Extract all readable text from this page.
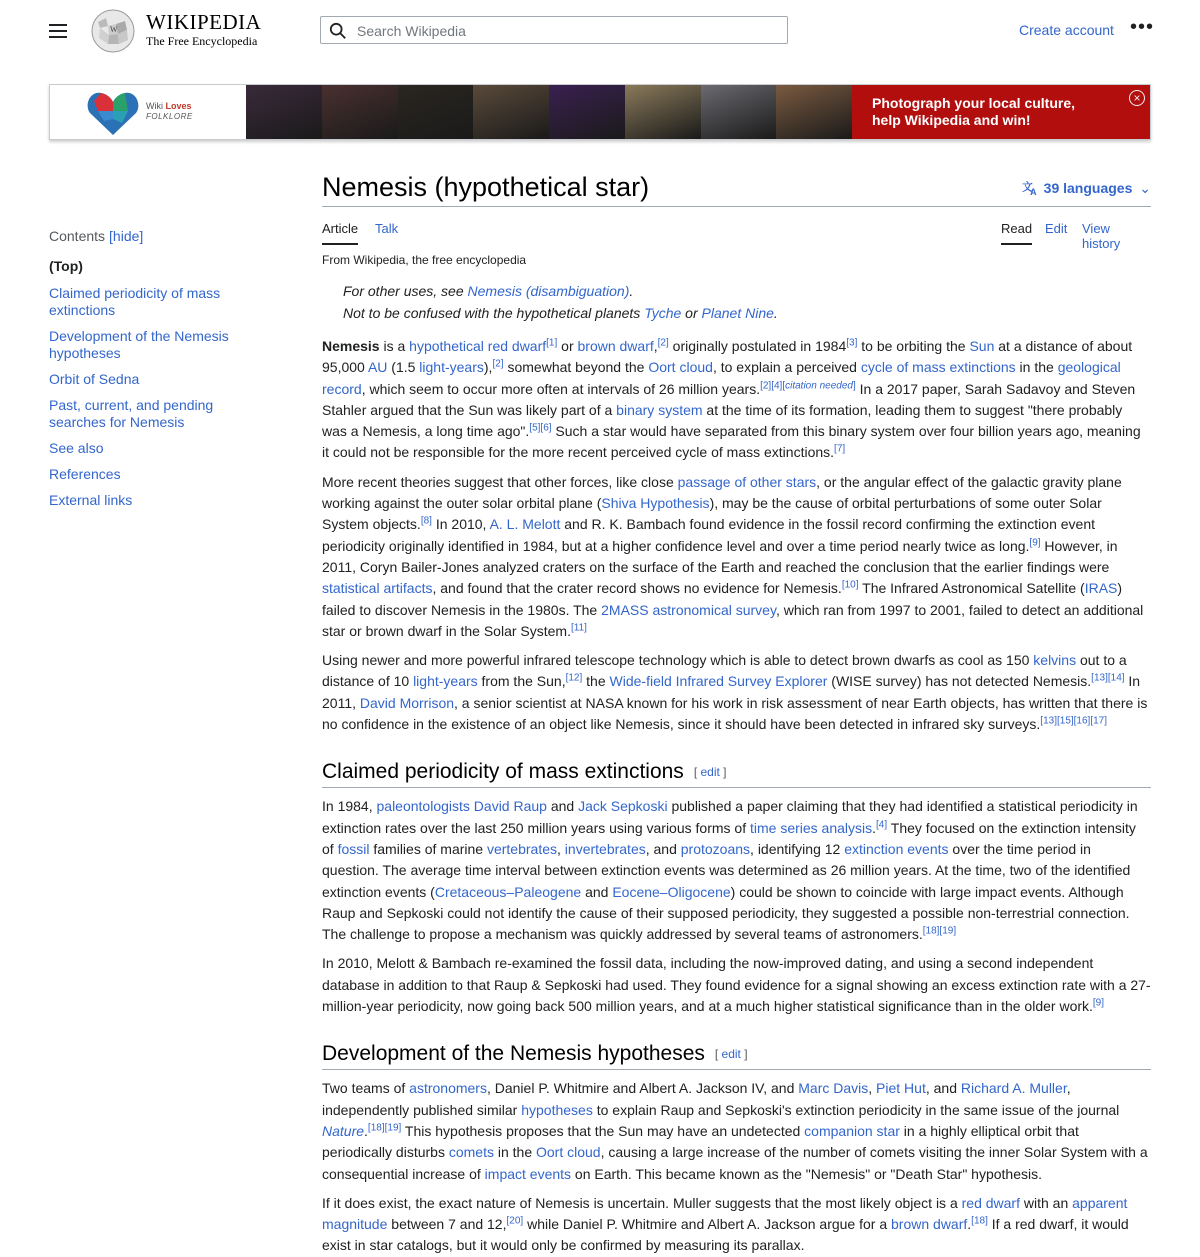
W WIKIPEDIA
The Free Encyclopedia
Search Wikipedia
Create account •••
Wiki Loves
FOLKLORE
Photograph your local culture,
help Wikipedia and win!
×
Contents [hide]
(Top)
Claimed periodicity of mass extinctions
Development of the Nemesis hypotheses
Orbit of Sedna
Past, current, and pending searches for Nemesis
See also
References
External links
Nemesis (hypothetical star)	文
A 39 languages ⌄
Article Talk	Read Edit View history
From Wikipedia, the free encyclopedia
For other uses, see Nemesis (disambiguation).
Not to be confused with the hypothetical planets Tyche or Planet Nine.

Nemesis is a hypothetical red dwarf[1] or brown dwarf,[2] originally postulated in 1984[3] to be orbiting the Sun at a distance of about 95,000 AU (1.5 light-years),[2] somewhat beyond the Oort cloud, to explain a perceived cycle of mass extinctions in the geological record, which seem to occur more often at intervals of 26 million years.[2][4][citation needed] In a 2017 paper, Sarah Sadavoy and Steven Stahler argued that the Sun was likely part of a binary system at the time of its formation, leading them to suggest "there probably was a Nemesis, a long time ago".[5][6] Such a star would have separated from this binary system over four billion years ago, meaning it could not be responsible for the more recent perceived cycle of mass extinctions.[7]

More recent theories suggest that other forces, like close passage of other stars, or the angular effect of the galactic gravity plane working against the outer solar orbital plane (Shiva Hypothesis), may be the cause of orbital perturbations of some outer Solar System objects.[8] In 2010, A. L. Melott and R. K. Bambach found evidence in the fossil record confirming the extinction event periodicity originally identified in 1984, but at a higher confidence level and over a time period nearly twice as long.[9] However, in 2011, Coryn Bailer-Jones analyzed craters on the surface of the Earth and reached the conclusion that the earlier findings were statistical artifacts, and found that the crater record shows no evidence for Nemesis.[10] The Infrared Astronomical Satellite (IRAS) failed to discover Nemesis in the 1980s. The 2MASS astronomical survey, which ran from 1997 to 2001, failed to detect an additional star or brown dwarf in the Solar System.[11]

Using newer and more powerful infrared telescope technology which is able to detect brown dwarfs as cool as 150 kelvins out to a distance of 10 light-years from the Sun,[12] the Wide-field Infrared Survey Explorer (WISE survey) has not detected Nemesis.[13][14] In 2011, David Morrison, a senior scientist at NASA known for his work in risk assessment of near Earth objects, has written that there is no confidence in the existence of an object like Nemesis, since it should have been detected in infrared sky surveys.[13][15][16][17]

Claimed periodicity of mass extinctions [ edit ]

In 1984, paleontologists David Raup and Jack Sepkoski published a paper claiming that they had identified a statistical periodicity in extinction rates over the last 250 million years using various forms of time series analysis.[4] They focused on the extinction intensity of fossil families of marine vertebrates, invertebrates, and protozoans, identifying 12 extinction events over the time period in question. The average time interval between extinction events was determined as 26 million years. At the time, two of the identified extinction events (Cretaceous–Paleogene and Eocene–Oligocene) could be shown to coincide with large impact events. Although Raup and Sepkoski could not identify the cause of their supposed periodicity, they suggested a possible non-terrestrial connection. The challenge to propose a mechanism was quickly addressed by several teams of astronomers.[18][19]

In 2010, Melott & Bambach re-examined the fossil data, including the now-improved dating, and using a second independent database in addition to that Raup & Sepkoski had used. They found evidence for a signal showing an excess extinction rate with a 27-million-year periodicity, now going back 500 million years, and at a much higher statistical significance than in the older work.[9]

Development of the Nemesis hypotheses [ edit ]

Two teams of astronomers, Daniel P. Whitmire and Albert A. Jackson IV, and Marc Davis, Piet Hut, and Richard A. Muller, independently published similar hypotheses to explain Raup and Sepkoski's extinction periodicity in the same issue of the journal Nature.[18][19] This hypothesis proposes that the Sun may have an undetected companion star in a highly elliptical orbit that periodically disturbs comets in the Oort cloud, causing a large increase of the number of comets visiting the inner Solar System with a consequential increase of impact events on Earth. This became known as the "Nemesis" or "Death Star" hypothesis.

If it does exist, the exact nature of Nemesis is uncertain. Muller suggests that the most likely object is a red dwarf with an apparent magnitude between 7 and 12,[20] while Daniel P. Whitmire and Albert A. Jackson argue for a brown dwarf.[18] If a red dwarf, it would exist in star catalogs, but it would only be confirmed by measuring its parallax.
